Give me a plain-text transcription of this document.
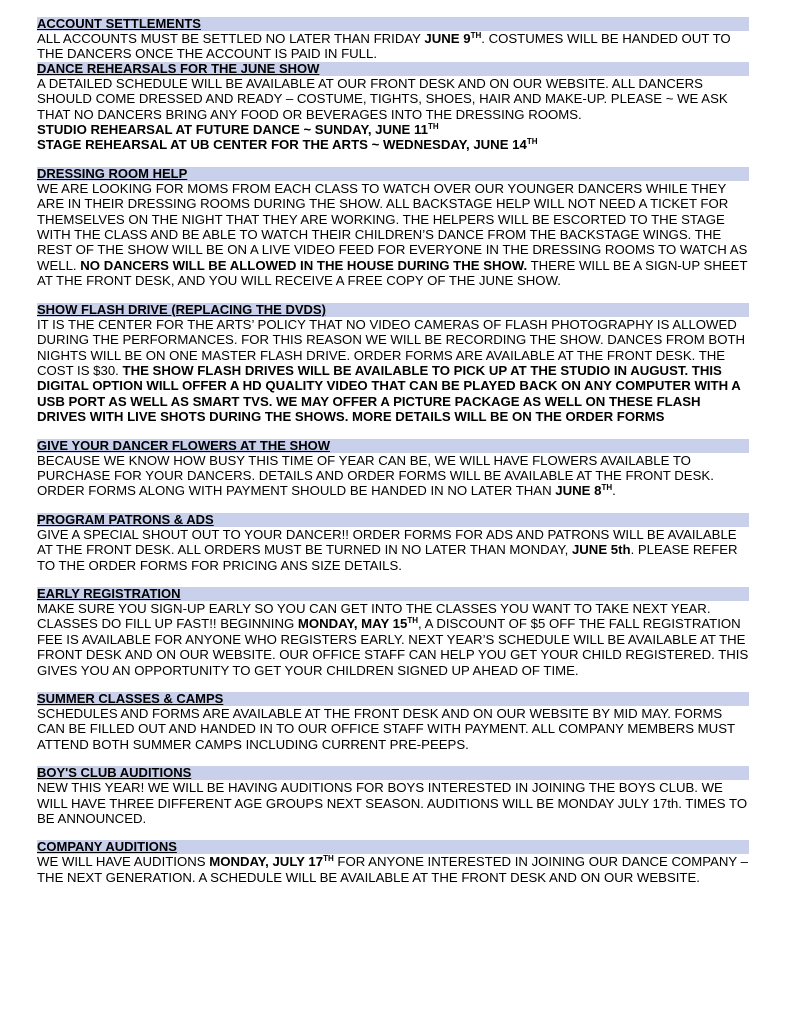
ACCOUNT SETTLEMENTS

ALL ACCOUNTS MUST BE SETTLED NO LATER THAN FRIDAY JUNE 9TH. COSTUMES WILL BE HANDED OUT TO THE DANCERS ONCE THE ACCOUNT IS PAID IN FULL.

DANCE REHEARSALS FOR THE JUNE SHOW

A DETAILED SCHEDULE WILL BE AVAILABLE AT OUR FRONT DESK AND ON OUR WEBSITE. ALL DANCERS SHOULD COME DRESSED AND READY – COSTUME, TIGHTS, SHOES, HAIR AND MAKE-UP. PLEASE ~ WE ASK THAT NO DANCERS BRING ANY FOOD OR BEVERAGES INTO THE DRESSING ROOMS.

STUDIO REHEARSAL AT FUTURE DANCE ~ SUNDAY, JUNE 11TH

STAGE REHEARSAL AT UB CENTER FOR THE ARTS ~ WEDNESDAY, JUNE 14TH

DRESSING ROOM HELP

WE ARE LOOKING FOR MOMS FROM EACH CLASS TO WATCH OVER OUR YOUNGER DANCERS WHILE THEY ARE IN THEIR DRESSING ROOMS DURING THE SHOW. ALL BACKSTAGE HELP WILL NOT NEED A TICKET FOR THEMSELVES ON THE NIGHT THAT THEY ARE WORKING. THE HELPERS WILL BE ESCORTED TO THE STAGE WITH THE CLASS AND BE ABLE TO WATCH THEIR CHILDREN’S DANCE FROM THE BACKSTAGE WINGS. THE REST OF THE SHOW WILL BE ON A LIVE VIDEO FEED FOR EVERYONE IN THE DRESSING ROOMS TO WATCH AS WELL. NO DANCERS WILL BE ALLOWED IN THE HOUSE DURING THE SHOW. THERE WILL BE A SIGN-UP SHEET AT THE FRONT DESK, AND YOU WILL RECEIVE A FREE COPY OF THE JUNE SHOW.

SHOW FLASH DRIVE (REPLACING THE DVDS)

IT IS THE CENTER FOR THE ARTS’ POLICY THAT NO VIDEO CAMERAS OF FLASH PHOTOGRAPHY IS ALLOWED DURING THE PERFORMANCES. FOR THIS REASON WE WILL BE RECORDING THE SHOW. DANCES FROM BOTH NIGHTS WILL BE ON ONE MASTER FLASH DRIVE. ORDER FORMS ARE AVAILABLE AT THE FRONT DESK. THE COST IS $30. THE SHOW FLASH DRIVES WILL BE AVAILABLE TO PICK UP AT THE STUDIO IN AUGUST. THIS DIGITAL OPTION WILL OFFER A HD QUALITY VIDEO THAT CAN BE PLAYED BACK ON ANY COMPUTER WITH A USB PORT AS WELL AS SMART TVS. WE MAY OFFER A PICTURE PACKAGE AS WELL ON THESE FLASH DRIVES WITH LIVE SHOTS DURING THE SHOWS. MORE DETAILS WILL BE ON THE ORDER FORMS

GIVE YOUR DANCER FLOWERS AT THE SHOW

BECAUSE WE KNOW HOW BUSY THIS TIME OF YEAR CAN BE, WE WILL HAVE FLOWERS AVAILABLE TO PURCHASE FOR YOUR DANCERS. DETAILS AND ORDER FORMS WILL BE AVAILABLE AT THE FRONT DESK. ORDER FORMS ALONG WITH PAYMENT SHOULD BE HANDED IN NO LATER THAN JUNE 8TH.

PROGRAM PATRONS & ADS

GIVE A SPECIAL SHOUT OUT TO YOUR DANCER!! ORDER FORMS FOR ADS AND PATRONS WILL BE AVAILABLE AT THE FRONT DESK. ALL ORDERS MUST BE TURNED IN NO LATER THAN MONDAY, JUNE 5th. PLEASE REFER TO THE ORDER FORMS FOR PRICING ANS SIZE DETAILS.

EARLY REGISTRATION

MAKE SURE YOU SIGN-UP EARLY SO YOU CAN GET INTO THE CLASSES YOU WANT TO TAKE NEXT YEAR. CLASSES DO FILL UP FAST!! BEGINNING MONDAY, MAY 15TH, A DISCOUNT OF $5 OFF THE FALL REGISTRATION FEE IS AVAILABLE FOR ANYONE WHO REGISTERS EARLY. NEXT YEAR’S SCHEDULE WILL BE AVAILABLE AT THE FRONT DESK AND ON OUR WEBSITE. OUR OFFICE STAFF CAN HELP YOU GET YOUR CHILD REGISTERED. THIS GIVES YOU AN OPPORTUNITY TO GET YOUR CHILDREN SIGNED UP AHEAD OF TIME.

SUMMER CLASSES & CAMPS

SCHEDULES AND FORMS ARE AVAILABLE AT THE FRONT DESK AND ON OUR WEBSITE BY MID MAY. FORMS CAN BE FILLED OUT AND HANDED IN TO OUR OFFICE STAFF WITH PAYMENT. ALL COMPANY MEMBERS MUST ATTEND BOTH SUMMER CAMPS INCLUDING CURRENT PRE-PEEPS.

BOY'S CLUB AUDITIONS

NEW THIS YEAR! WE WILL BE HAVING AUDITIONS FOR BOYS INTERESTED IN JOINING THE BOYS CLUB. WE WILL HAVE THREE DIFFERENT AGE GROUPS NEXT SEASON. AUDITIONS WILL BE MONDAY JULY 17th. TIMES TO BE ANNOUNCED.

COMPANY AUDITIONS

WE WILL HAVE AUDITIONS MONDAY, JULY 17TH FOR ANYONE INTERESTED IN JOINING OUR DANCE COMPANY – THE NEXT GENERATION. A SCHEDULE WILL BE AVAILABLE AT THE FRONT DESK AND ON OUR WEBSITE.
